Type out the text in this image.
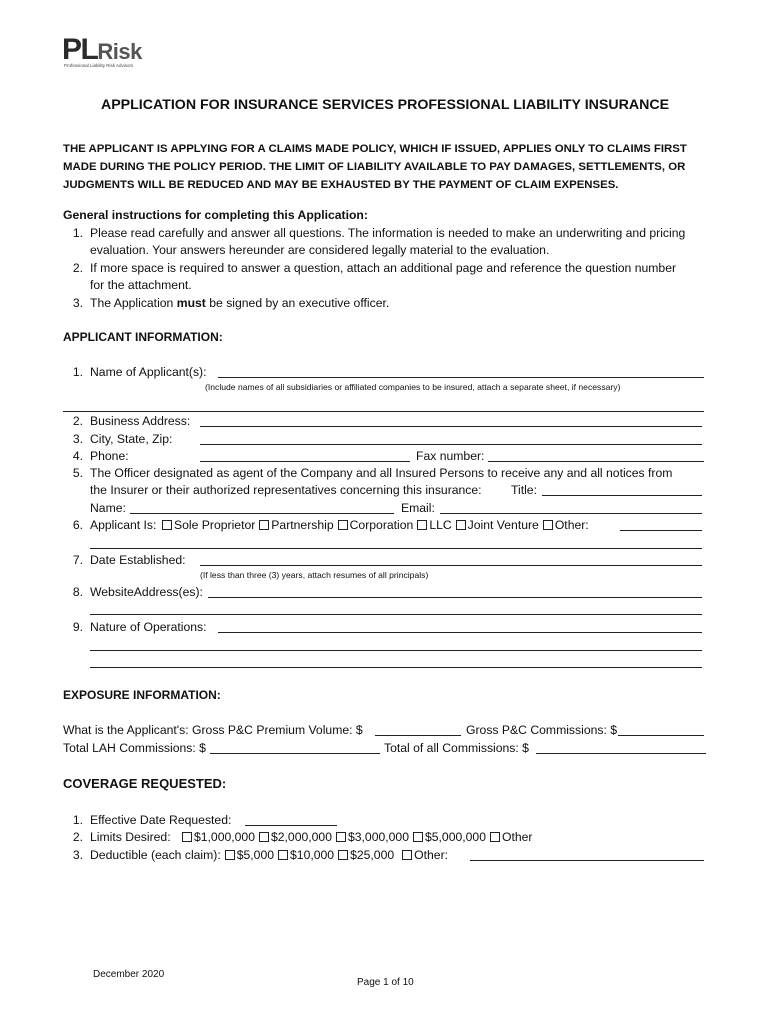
PLRisk
Professional Liability Risk Advisors
APPLICATION FOR INSURANCE SERVICES PROFESSIONAL LIABILITY INSURANCE
THE APPLICANT IS APPLYING FOR A CLAIMS MADE POLICY, WHICH IF ISSUED, APPLIES ONLY TO CLAIMS FIRST MADE DURING THE POLICY PERIOD. THE LIMIT OF LIABILITY AVAILABLE TO PAY DAMAGES, SETTLEMENTS, OR JUDGMENTS WILL BE REDUCED AND MAY BE EXHAUSTED BY THE PAYMENT OF CLAIM EXPENSES.
General instructions for completing this Application:
1. Please read carefully and answer all questions. The information is needed to make an underwriting and pricing
evaluation. Your answers hereunder are considered legally material to the evaluation.
2. If more space is required to answer a question, attach an additional page and reference the question number
for the attachment.
3. The Application must be signed by an executive officer.
APPLICANT INFORMATION:
1. Name of Applicant(s):
(Include names of all subsidiaries or affiliated companies to be insured, attach a separate sheet, if necessary)
2. Business Address:
3. City, State, Zip:
4. Phone:	Fax number:
5. The Officer designated as agent of the Company and all Insured Persons to receive any and all notices from
the Insurer or their authorized representatives concerning this insurance: Title:
Name:	Email:
6. Applicant Is:	Sole Proprietor Partnership Corporation LLC Joint Venture Other:
7. Date Established:
(If less than three (3) years, attach resumes of all principals)
8. WebsiteAddress(es):
9. Nature of Operations:
EXPOSURE INFORMATION:
What is the Applicant's: Gross P&C Premium Volume: $	Gross P&C Commissions: $
Total LAH Commissions: $	Total of all Commissions: $
COVERAGE REQUESTED:
1. Effective Date Requested:
2. Limits Desired: $1,000,000 $2,000,000 $3,000,000 $5,000,000 Other
3. Deductible (each claim): $5,000 $10,000 $25,000 Other:
December 2020
Page 1 of 10
